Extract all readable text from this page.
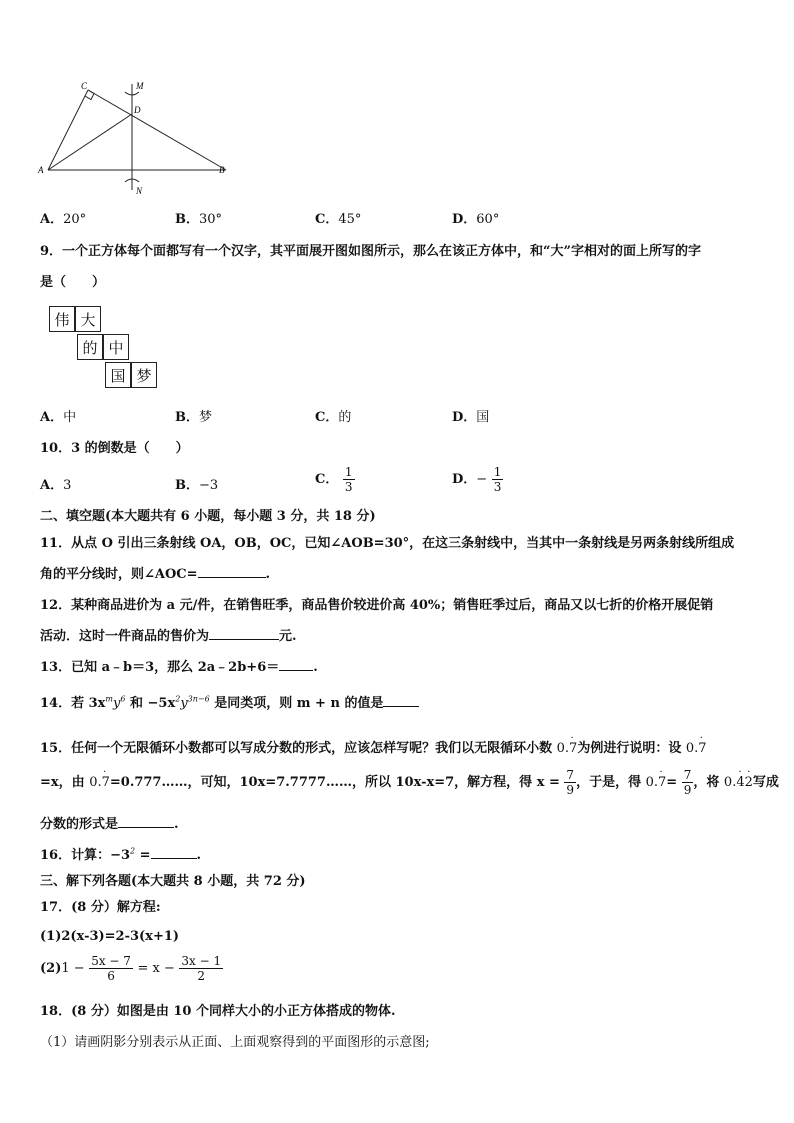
C	M
D
A	B
N
A．20°	B．30°	C．45°	D．60°
9．一个正方体每个面都写有一个汉字，其平面展开图如图所示，那么在该正方体中，和“大”字相对的面上所写的字
是（　　）
伟 大
的 中
国 梦
A．中	B．梦	C．的	D．国
10．3 的倒数是（　　）
A．3	B．−3	C． $\frac{1}{3}$	D．− $\frac{1}{3}$
二、填空题(本大题共有 6 小题，每小题 3 分，共 18 分)
11．从点 O 引出三条射线 OA，OB，OC，已知∠AOB=30°，在这三条射线中，当其中一条射线是另两条射线所组成
角的平分线时，则∠AOC=	.
12．某种商品进价为 a 元/件，在销售旺季，商品售价较进价高 40%；销售旺季过后，商品又以七折的价格开展促销
活动．这时一件商品的售价为	元.
13．已知 a﹣b＝3，那么 2a﹣2b+6＝	.
14．若 $3x^my^6$ 和 $-5x^2y^{3n-6}$ 是同类项，则 m + n 的值是
15．任何一个无限循环小数都可以写成分数的形式，应该怎样写呢？我们以无限循环小数 0.7
·
为例进行说明：设 0.7
·
=x，由 0.7
·
=0.777……，可知，10x=7.7777……，所以 10x-x=7，解方程，得 $x = \frac{7}{9}$ ，于是，得 0.7
·
= $\frac{7}{9}$ ，将 0.42
· ·
写成
分数的形式是	.
16．计算：$-3^2$ =	.
三、解下列各题(本大题共 8 小题，共 72 分)
17．(8 分）解方程:
(1)2(x-3)=2-3(x+1)
$(2)1 - \frac{5x - 7}{6} = x - \frac{3x - 1}{2}$
18．(8 分）如图是由 10 个同样大小的小正方体搭成的物体.
（1）请画阴影分别表示从正面、上面观察得到的平面图形的示意图;
